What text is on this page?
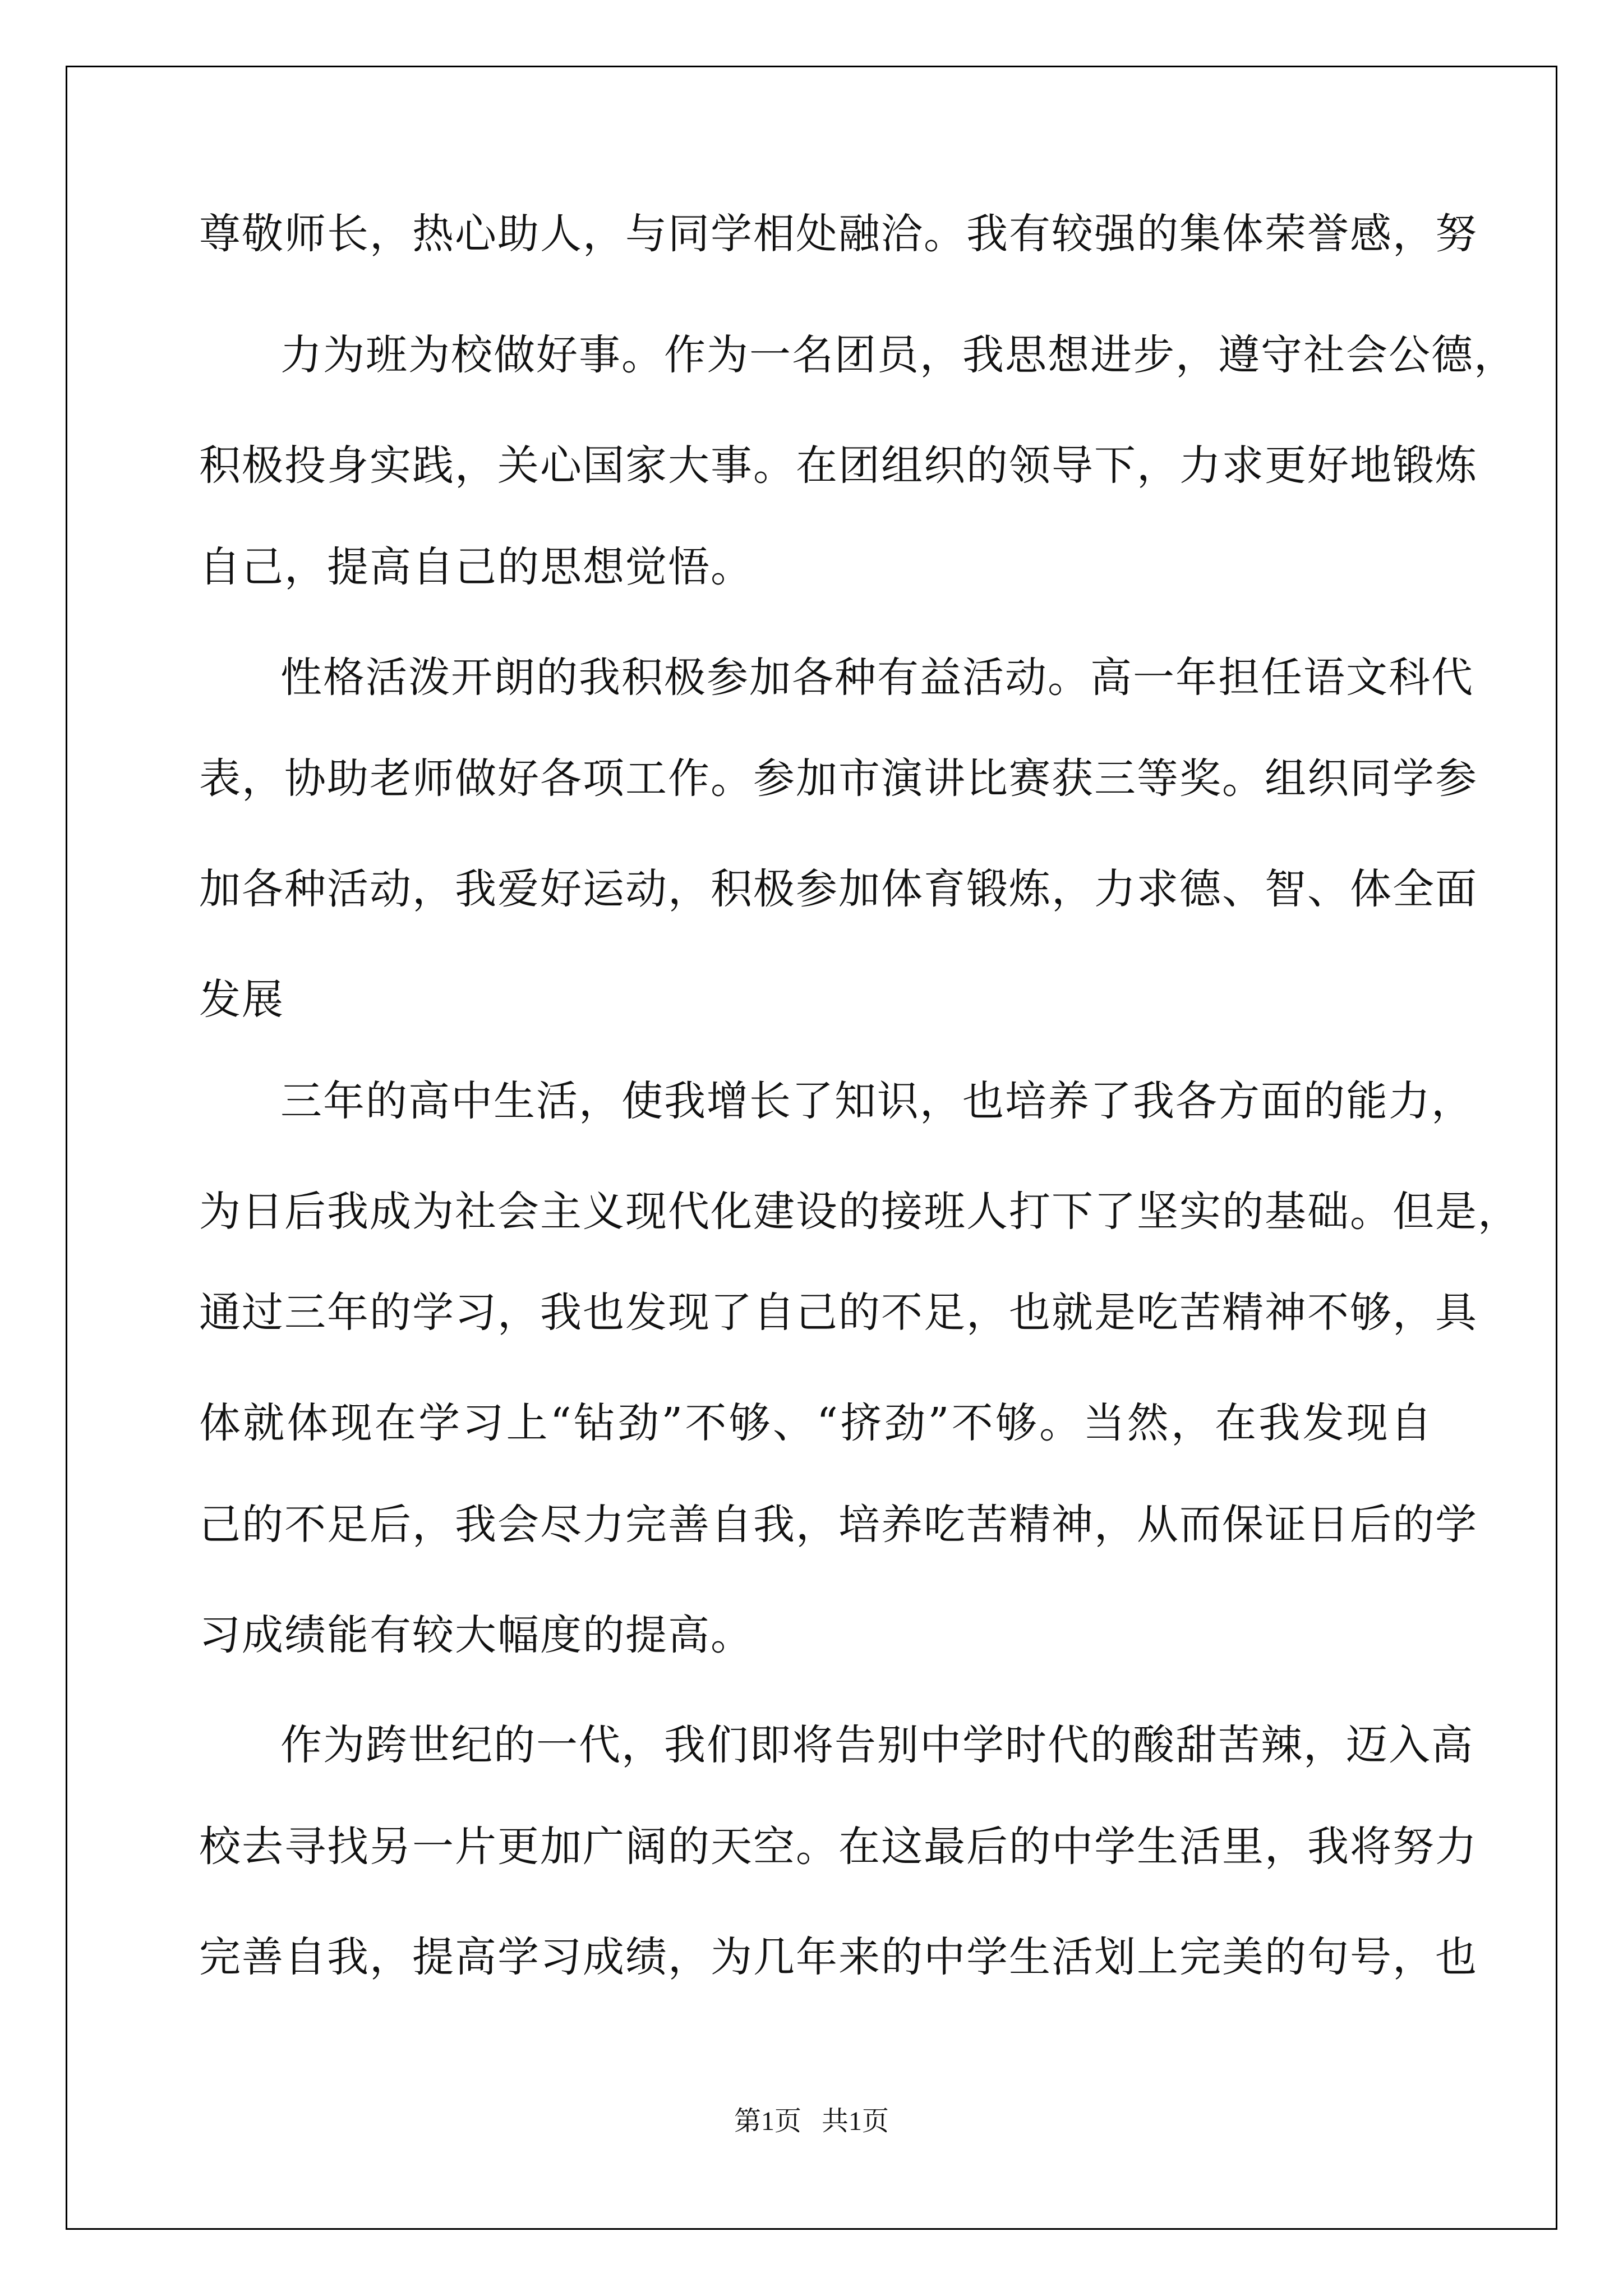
尊敬师长，热心助人，与同学相处融洽。我有较强的集体荣誉感，努
力为班为校做好事。作为一名团员，我思想进步，遵守社会公德，
积极投身实践，关心国家大事。在团组织的领导下，力求更好地锻炼
自己，提高自己的思想觉悟。
性格活泼开朗的我积极参加各种有益活动。高一年担任语文科代
表，协助老师做好各项工作。参加市演讲比赛获三等奖。组织同学参
加各种活动，我爱好运动，积极参加体育锻炼，力求德、智、体全面
发展
三年的高中生活，使我增长了知识，也培养了我各方面的能力，
为日后我成为社会主义现代化建设的接班人打下了坚实的基础。但是，
通过三年的学习，我也发现了自己的不足，也就是吃苦精神不够，具
体就体现在学习上“钻劲”不够、“挤劲”不够。当然，在我发现自
己的不足后，我会尽力完善自我，培养吃苦精神，从而保证日后的学
习成绩能有较大幅度的提高。
作为跨世纪的一代，我们即将告别中学时代的酸甜苦辣，迈入高
校去寻找另一片更加广阔的天空。在这最后的中学生活里，我将努力
完善自我，提高学习成绩，为几年来的中学生活划上完美的句号，也
第1页 共1页
